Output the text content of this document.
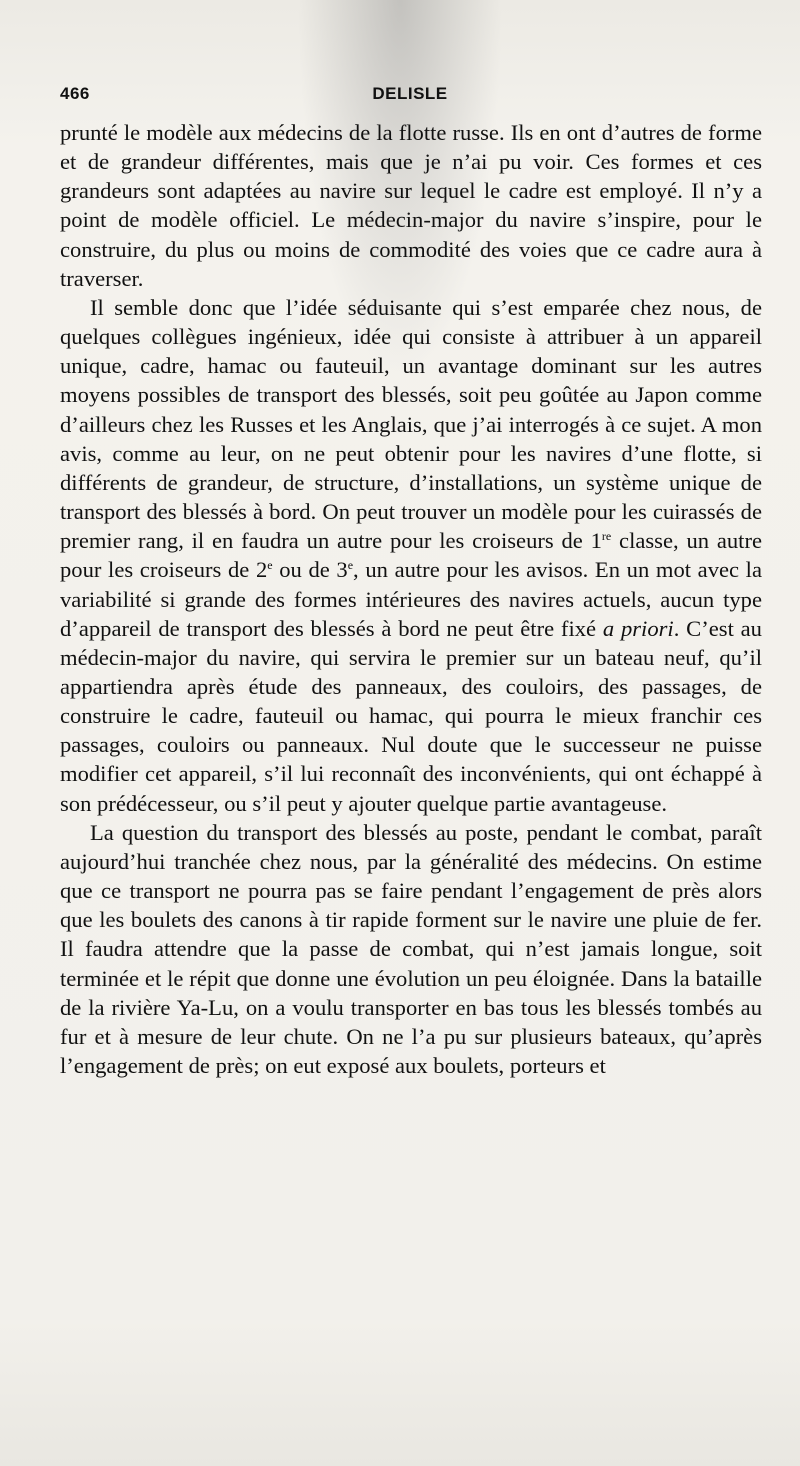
466	DELISLE

prunté le modèle aux médecins de la flotte russe. Ils en ont d’autres de forme et de grandeur différentes, mais que je n’ai pu voir. Ces formes et ces grandeurs sont adaptées au navire sur lequel le cadre est employé. Il n’y a point de modèle officiel. Le médecin-major du navire s’inspire, pour le construire, du plus ou moins de commodité des voies que ce cadre aura à traverser.

Il semble donc que l’idée séduisante qui s’est emparée chez nous, de quelques collègues ingénieux, idée qui consiste à attribuer à un appareil unique, cadre, hamac ou fauteuil, un avantage dominant sur les autres moyens possibles de transport des blessés, soit peu goûtée au Japon comme d’ailleurs chez les Russes et les Anglais, que j’ai interrogés à ce sujet. A mon avis, comme au leur, on ne peut obtenir pour les navires d’une flotte, si différents de grandeur, de structure, d’installations, un système unique de transport des blessés à bord. On peut trouver un modèle pour les cuirassés de premier rang, il en faudra un autre pour les croiseurs de 1re classe, un autre pour les croiseurs de 2e ou de 3e, un autre pour les avisos. En un mot avec la variabilité si grande des formes intérieures des navires actuels, aucun type d’appareil de transport des blessés à bord ne peut être fixé a priori. C’est au médecin-major du navire, qui servira le premier sur un bateau neuf, qu’il appartiendra après étude des panneaux, des couloirs, des passages, de construire le cadre, fauteuil ou hamac, qui pourra le mieux franchir ces passages, couloirs ou panneaux. Nul doute que le successeur ne puisse modifier cet appareil, s’il lui reconnaît des inconvénients, qui ont échappé à son prédécesseur, ou s’il peut y ajouter quelque partie avantageuse.

La question du transport des blessés au poste, pendant le combat, paraît aujourd’hui tranchée chez nous, par la généralité des médecins. On estime que ce transport ne pourra pas se faire pendant l’engagement de près alors que les boulets des canons à tir rapide forment sur le navire une pluie de fer. Il faudra attendre que la passe de combat, qui n’est jamais longue, soit terminée et le répit que donne une évolution un peu éloignée. Dans la bataille de la rivière Ya-Lu, on a voulu transporter en bas tous les blessés tombés au fur et à mesure de leur chute. On ne l’a pu sur plusieurs bateaux, qu’après l’engagement de près; on eut exposé aux boulets, porteurs et
